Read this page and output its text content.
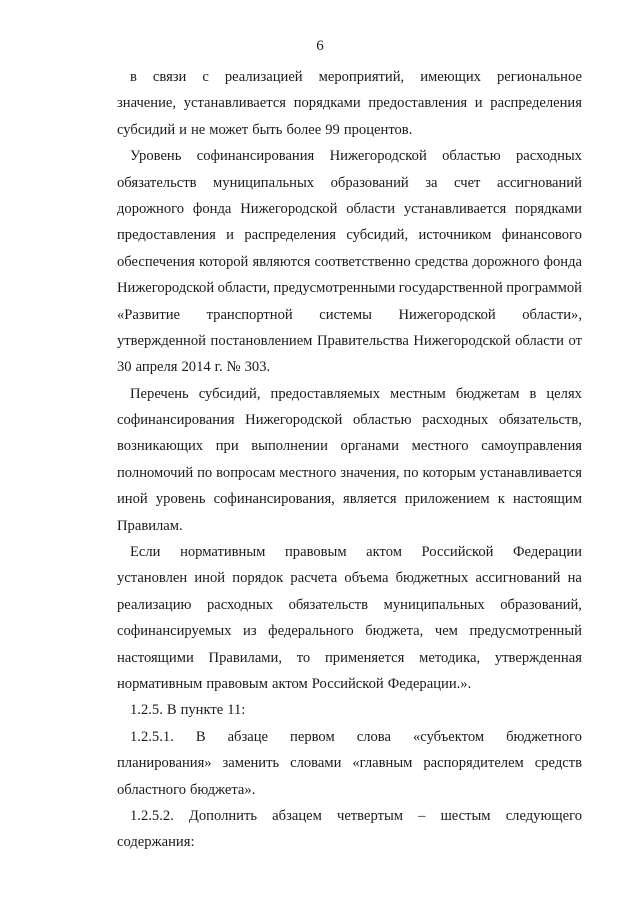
6
в связи с реализацией мероприятий, имеющих региональное
значение, устанавливается порядками предоставления и распределения
субсидий и не может быть более 99 процентов.
Уровень софинансирования Нижегородской областью расходных
обязательств муниципальных образований за счет ассигнований
дорожного фонда Нижегородской области устанавливается порядками
предоставления и распределения субсидий, источником финансового
обеспечения которой являются соответственно средства дорожного фонда
Нижегородской области, предусмотренными государственной программой
«Развитие транспортной системы Нижегородской области»,
утвержденной постановлением Правительства Нижегородской области от
30 апреля 2014 г. № 303.
Перечень субсидий, предоставляемых местным бюджетам в целях
софинансирования Нижегородской областью расходных обязательств,
возникающих при выполнении органами местного самоуправления
полномочий по вопросам местного значения, по которым устанавливается
иной уровень софинансирования, является приложением к настоящим
Правилам.
Если нормативным правовым актом Российской Федерации
установлен иной порядок расчета объема бюджетных ассигнований на
реализацию расходных обязательств муниципальных образований,
софинансируемых из федерального бюджета, чем предусмотренный
настоящими Правилами, то применяется методика, утвержденная
нормативным правовым актом Российской Федерации.».
1.2.5. В пункте 11:
1.2.5.1. В абзаце первом слова «субъектом бюджетного
планирования» заменить словами «главным распорядителем средств
областного бюджета».
1.2.5.2. Дополнить абзацем четвертым – шестым следующего
содержания:
